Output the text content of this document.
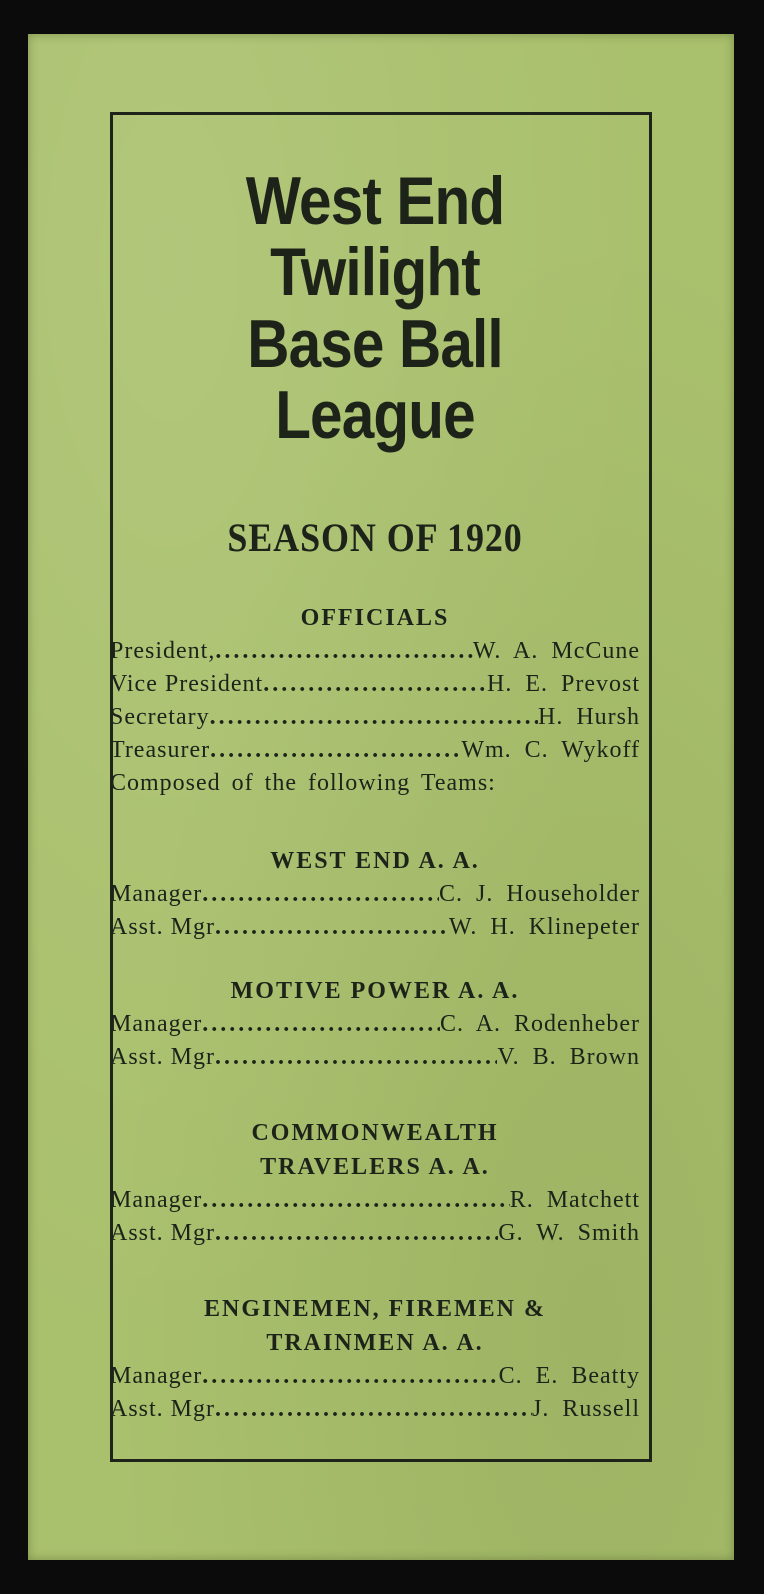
West End Twilight
Base Ball League
SEASON OF 1920
OFFICIALS
President, .....	W. A. McCune
Vice President .....	H. E. Prevost
Secretary .....	H. Hursh
Treasurer .....	Wm. C. Wykoff
Composed of the following Teams:
WEST END A. A.
Manager .....	C. J. Householder
Asst. Mgr .....	W. H. Klinepeter
MOTIVE POWER A. A.
Manager .....	C. A. Rodenheber
Asst. Mgr .....	V. B. Brown
COMMONWEALTH
TRAVELERS A. A.
Manager .....	R. Matchett
Asst. Mgr .....	G. W. Smith
ENGINEMEN, FIREMEN &
TRAINMEN A. A.
Manager .....	C. E. Beatty
Asst. Mgr .....	J. Russell
